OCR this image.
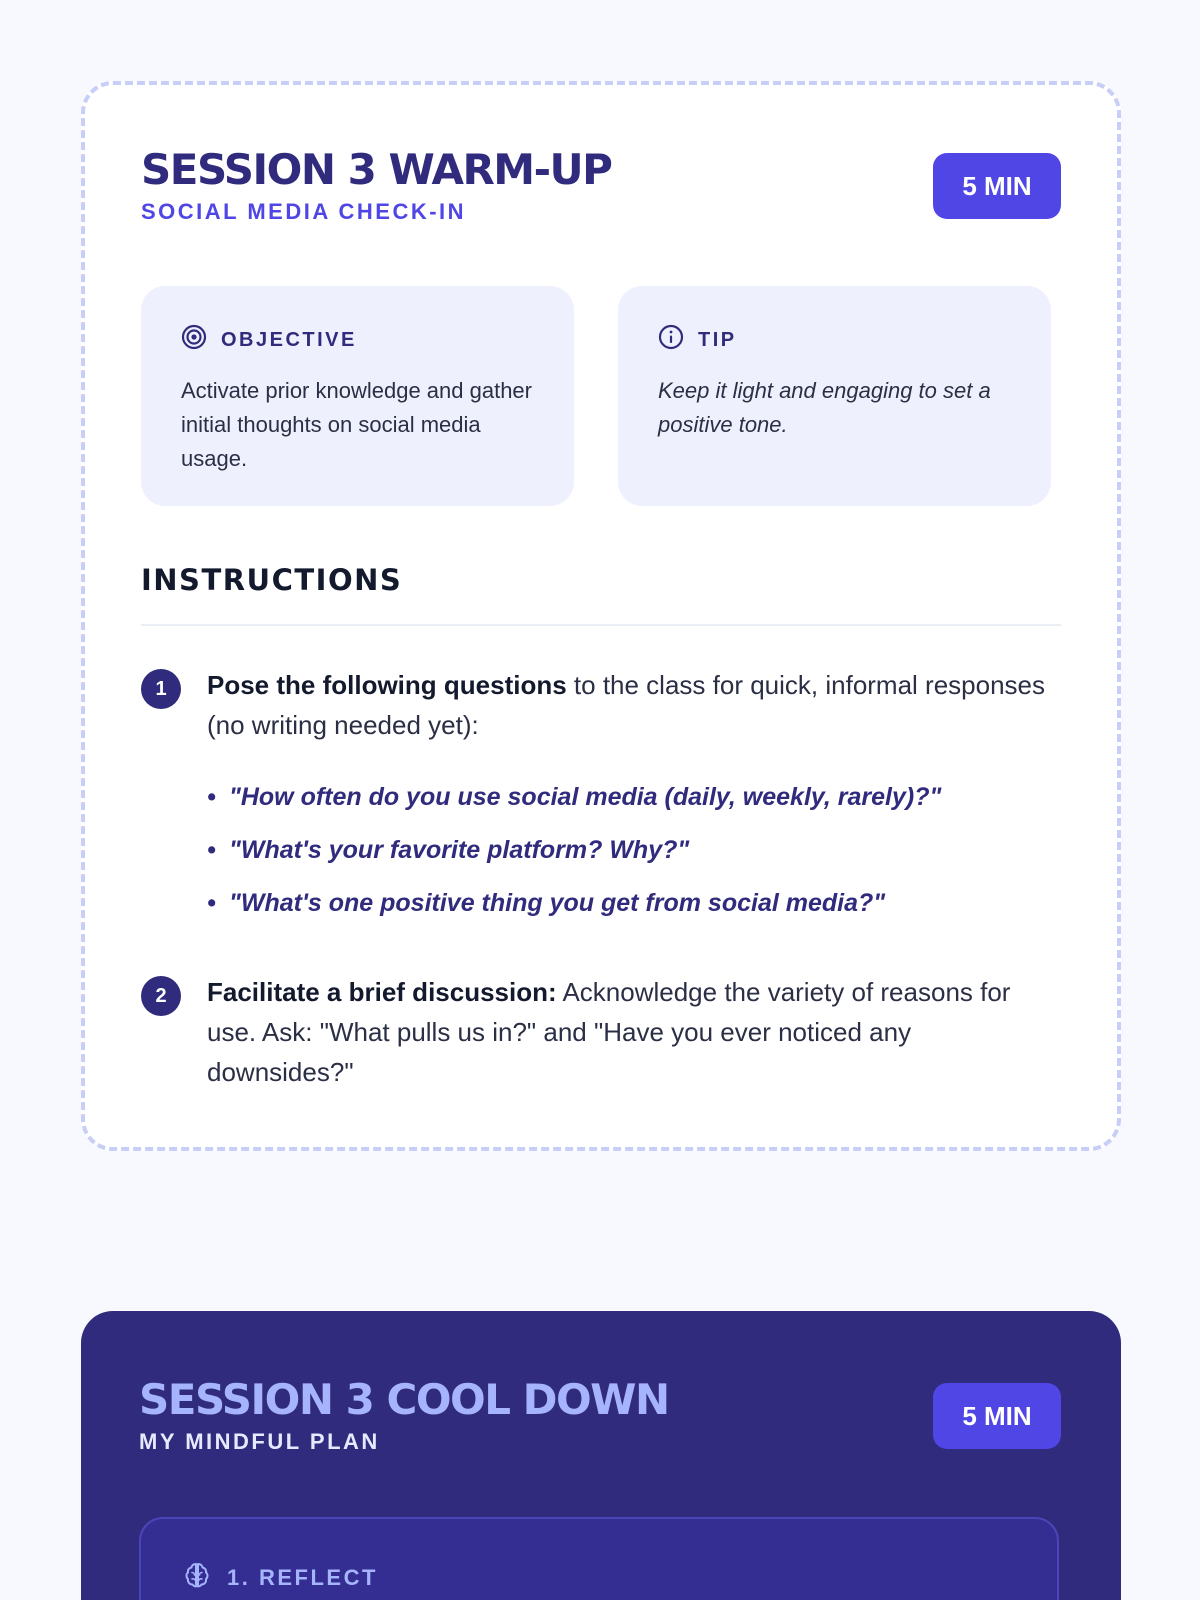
SESSION 3 WARM-UP
SOCIAL MEDIA CHECK-IN
5 MIN
OBJECTIVE

Activate prior knowledge and gather initial thoughts on social media usage.

TIP

Keep it light and engaging to set a positive tone.

INSTRUCTIONS
1	Pose the following questions to the class for quick, informal responses (no writing needed yet):

• "How often do you use social media (daily, weekly, rarely)?"
• "What's your favorite platform? Why?"
• "What's one positive thing you get from social media?"
2	Facilitate a brief discussion: Acknowledge the variety of reasons for use. Ask: "What pulls us in?" and "Have you ever noticed any downsides?"

SESSION 3 COOL DOWN
MY MINDFUL PLAN
5 MIN
1. REFLECT
